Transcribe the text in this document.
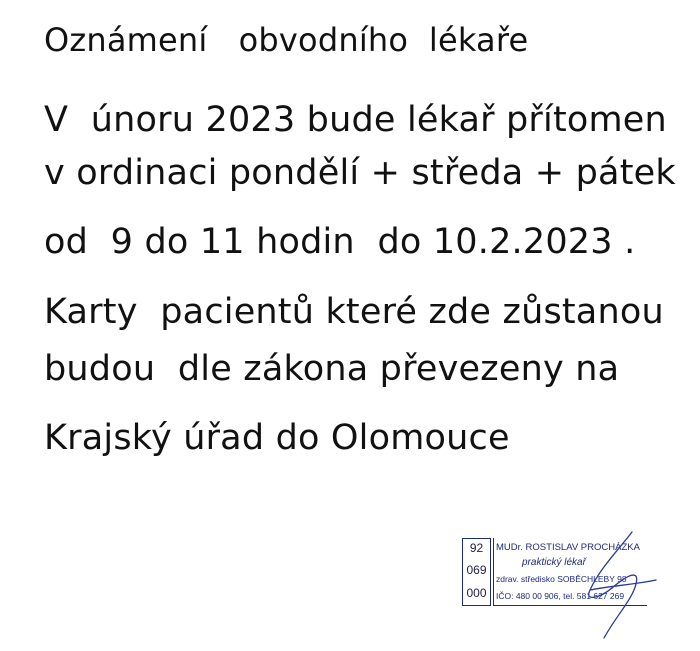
Oznámení   obvodního  lékaře
V  únoru 2023 bude lékař přítomen
v ordinaci pondělí + středa + pátek
od  9 do 11 hodin  do 10.2.2023 .
Karty  pacientů které zde zůstanou
budou  dle zákona převezeny na
Krajský úřad do Olomouce
92
069
000
MUDr. ROSTISLAV PROCHÁZKA
praktický lékař
zdrav. středisko SOBĚCHLEBY 98
IČO: 480 00 906, tel. 581 627 269
